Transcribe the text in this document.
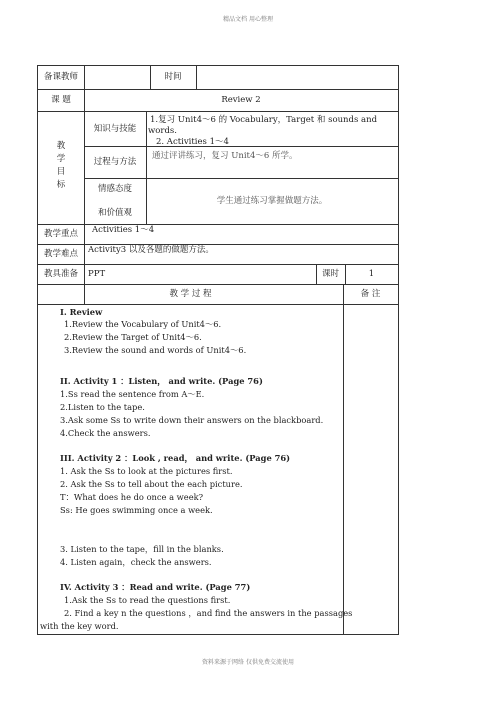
精品文档 用心整理
备课教师	时间
课 题	Review 2
教
学
目
标
知识与技能
1.复习 Unit4～6 的 Vocabulary，Target 和 sounds and
words.
2. Activities 1～4
过程与方法
通过评讲练习，复习 Unit4～6 所学。
情感态度
和价值观
学生通过练习掌握做题方法。
教学重点	Activities 1～4
教学难点	Activity3 以及各题的做题方法。
教具准备	PPT	课时	1
教 学 过 程	备 注
I. Review
1.Review the Vocabulary of Unit4～6.
2.Review the Target of Unit4～6.
3.Review the sound and words of Unit4～6.
II. Activity 1 ：Listen， and write. (Page 76)
1.Ss read the sentence from A～E.
2.Listen to the tape.
3.Ask some Ss to write down their answers on the blackboard.
4.Check the answers.
III. Activity 2 ：Look , read， and write. (Page 76)
1. Ask the Ss to look at the pictures first.
2. Ask the Ss to tell about the each picture.
T：What does he do once a week?
Ss: He goes swimming once a week.
3. Listen to the tape，fill in the blanks.
4. Listen again，check the answers.
IV. Activity 3 ：Read and write. (Page 77)
1.Ask the Ss to read the questions first.
2. Find a key n the questions ，and find the answers in the passages
with the key word.
资料来源于网络 仅供免费交流使用
